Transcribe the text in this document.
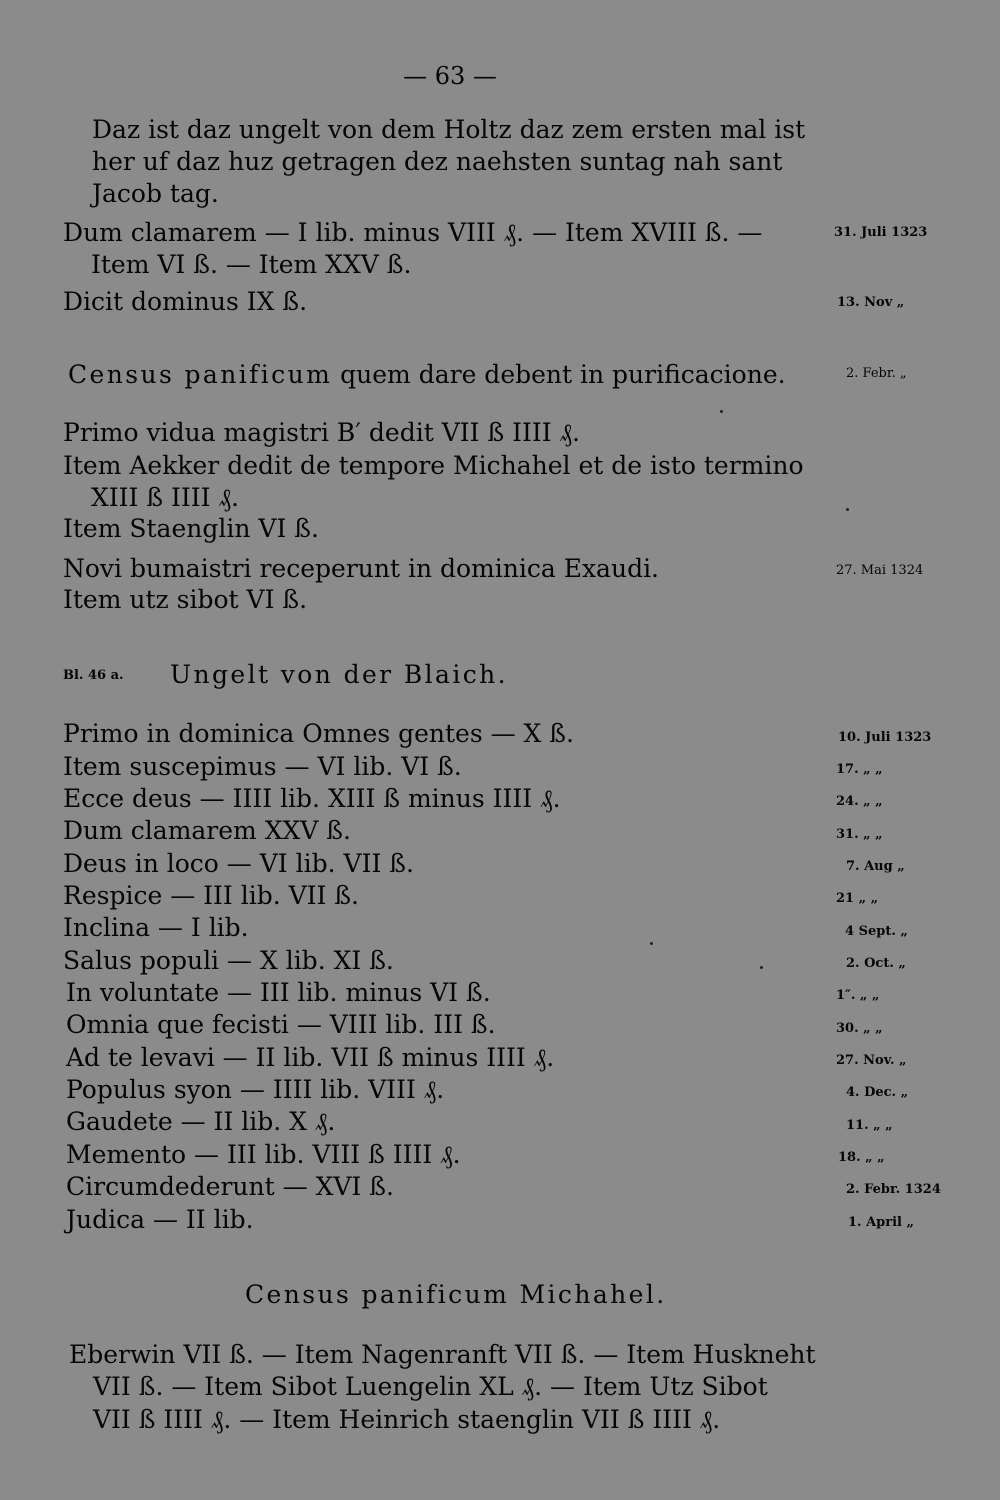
— 63 —
Daz ist daz ungelt von dem Holtz daz zem ersten mal ist
her uf daz huz getragen dez naehsten suntag nah sant
Jacob tag.
Dum clamarem — I lib. minus VIII ₰. — Item XVIII ß. —	31. Juli 1323
Item VI ß. — Item XXV ß.
Dicit dominus IX ß.	13. Nov „
Census panificum quem dare debent in purificacione.	2. Febr. „
Primo vidua magistri B′ dedit VII ß IIII ₰.
Item Aekker dedit de tempore Michahel et de isto termino
XIII ß IIII ₰.
Item Staenglin VI ß.
Novi bumaistri receperunt in dominica Exaudi.	27. Mai 1324
Item utz sibot VI ß.
Bl. 46 a. Ungelt von der Blaich.
Primo in dominica Omnes gentes — X ß.	10. Juli 1323
Item suscepimus — VI lib. VI ß.	17. „ „
Ecce deus — IIII lib. XIII ß minus IIII ₰.	24. „ „
Dum clamarem XXV ß.	31. „ „
Deus in loco — VI lib. VII ß.	7. Aug „
Respice — III lib. VII ß.	21 „ „
Inclina — I lib.	4 Sept. „
Salus populi — X lib. XI ß.	2. Oct. „
In voluntate — III lib. minus VI ß.	1″. „ „
Omnia que fecisti — VIII lib. III ß.	30. „ „
Ad te levavi — II lib. VII ß minus IIII ₰.	27. Nov. „
Populus syon — IIII lib. VIII ₰.	4. Dec. „
Gaudete — II lib. X ₰.	11. „ „
Memento — III lib. VIII ß IIII ₰.	18. „ „
Circumdederunt — XVI ß.	2. Febr. 1324
Judica — II lib.	1. April „
Census panificum Michahel.
Eberwin VII ß. — Item Nagenranft VII ß. — Item Huskneht
VII ß. — Item Sibot Luengelin XL ₰. — Item Utz Sibot
VII ß IIII ₰. — Item Heinrich staenglin VII ß IIII ₰.
